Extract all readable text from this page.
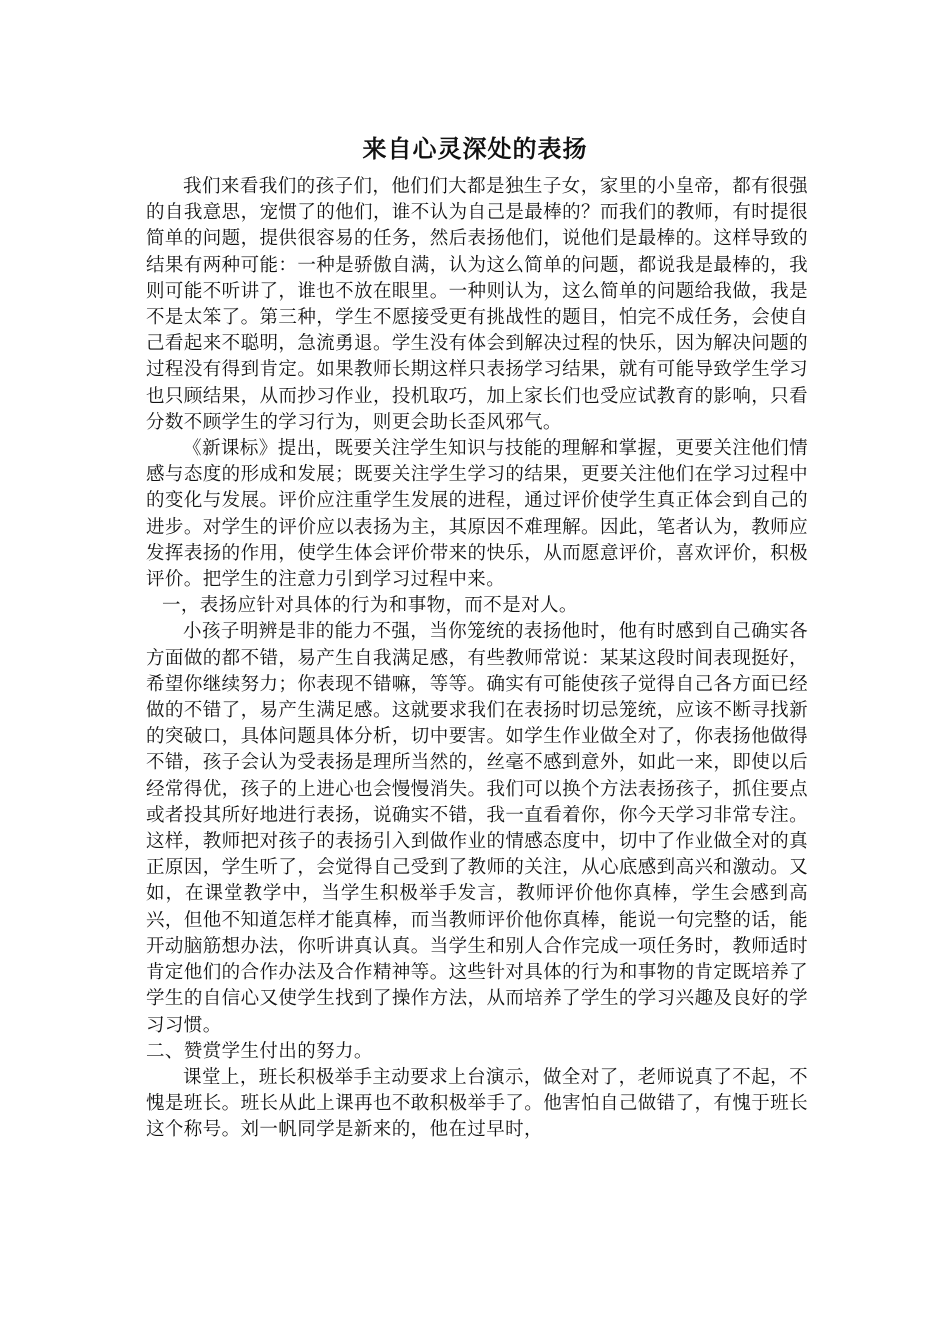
来自心灵深处的表扬

我们来看我们的孩子们，他们们大都是独生子女，家里的小皇帝，都有很强的自我意思，宠惯了的他们，谁不认为自己是最棒的？而我们的教师，有时提很简单的问题，提供很容易的任务，然后表扬他们，说他们是最棒的。这样导致的结果有两种可能：一种是骄傲自满，认为这么简单的问题，都说我是最棒的，我则可能不听讲了，谁也不放在眼里。一种则认为，这么简单的问题给我做，我是不是太笨了。第三种，学生不愿接受更有挑战性的题目，怕完不成任务，会使自己看起来不聪明，急流勇退。学生没有体会到解决过程的快乐，因为解决问题的过程没有得到肯定。如果教师长期这样只表扬学习结果，就有可能导致学生学习也只顾结果，从而抄习作业，投机取巧，加上家长们也受应试教育的影响，只看分数不顾学生的学习行为，则更会助长歪风邪气。

《新课标》提出，既要关注学生知识与技能的理解和掌握，更要关注他们情感与态度的形成和发展；既要关注学生学习的结果，更要关注他们在学习过程中的变化与发展。评价应注重学生发展的进程，通过评价使学生真正体会到自己的进步。对学生的评价应以表扬为主，其原因不难理解。因此，笔者认为，教师应发挥表扬的作用，使学生体会评价带来的快乐，从而愿意评价，喜欢评价，积极评价。把学生的注意力引到学习过程中来。

一，表扬应针对具体的行为和事物，而不是对人。

小孩子明辨是非的能力不强，当你笼统的表扬他时，他有时感到自己确实各方面做的都不错，易产生自我满足感，有些教师常说：某某这段时间表现挺好，希望你继续努力；你表现不错嘛，等等。确实有可能使孩子觉得自己各方面已经做的不错了，易产生满足感。这就要求我们在表扬时切忌笼统，应该不断寻找新的突破口，具体问题具体分析，切中要害。如学生作业做全对了，你表扬他做得不错，孩子会认为受表扬是理所当然的，丝毫不感到意外，如此一来，即使以后经常得优，孩子的上进心也会慢慢消失。我们可以换个方法表扬孩子，抓住要点或者投其所好地进行表扬，说确实不错，我一直看着你，你今天学习非常专注。这样，教师把对孩子的表扬引入到做作业的情感态度中，切中了作业做全对的真正原因，学生听了，会觉得自己受到了教师的关注，从心底感到高兴和激动。又如，在课堂教学中，当学生积极举手发言，教师评价他你真棒，学生会感到高兴，但他不知道怎样才能真棒，而当教师评价他你真棒，能说一句完整的话，能开动脑筋想办法，你听讲真认真。当学生和别人合作完成一项任务时，教师适时肯定他们的合作办法及合作精神等。这些针对具体的行为和事物的肯定既培养了学生的自信心又使学生找到了操作方法，从而培养了学生的学习兴趣及良好的学习习惯。

二、赞赏学生付出的努力。

课堂上，班长积极举手主动要求上台演示，做全对了，老师说真了不起，不愧是班长。班长从此上课再也不敢积极举手了。他害怕自己做错了，有愧于班长这个称号。刘一帆同学是新来的，他在过早时，
